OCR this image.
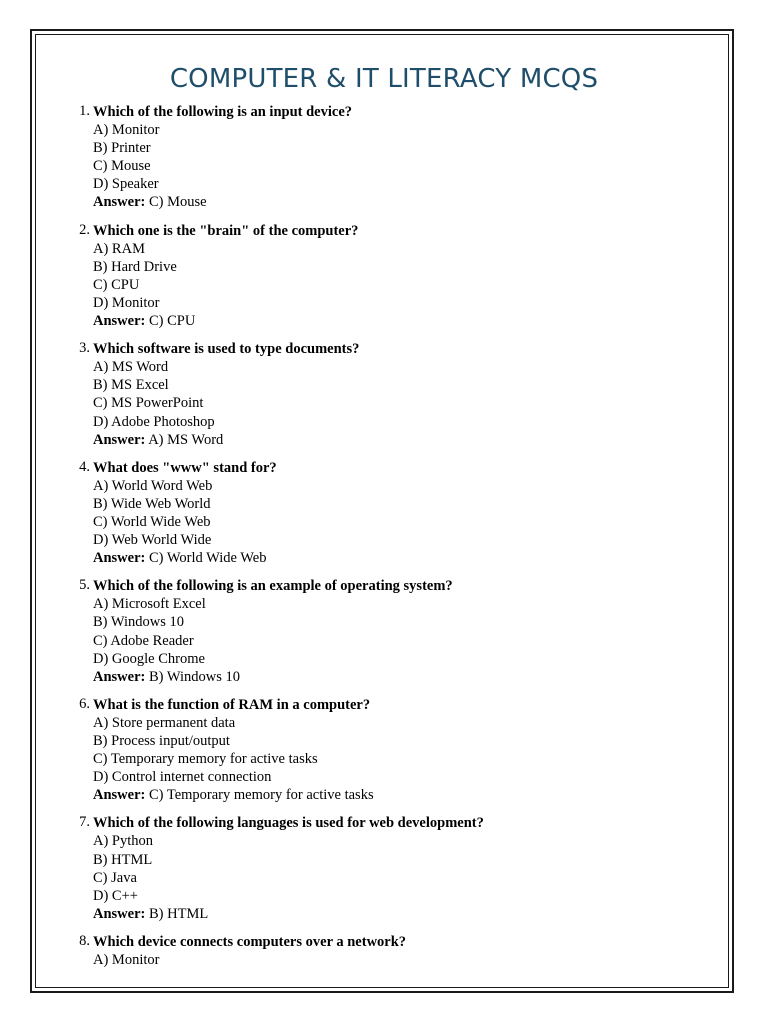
COMPUTER & IT LITERACY MCQS
1. Which of the following is an input device?
A) Monitor
B) Printer
C) Mouse
D) Speaker
Answer: C) Mouse
2. Which one is the "brain" of the computer?
A) RAM
B) Hard Drive
C) CPU
D) Monitor
Answer: C) CPU
3. Which software is used to type documents?
A) MS Word
B) MS Excel
C) MS PowerPoint
D) Adobe Photoshop
Answer: A) MS Word
4. What does "www" stand for?
A) World Word Web
B) Wide Web World
C) World Wide Web
D) Web World Wide
Answer: C) World Wide Web
5. Which of the following is an example of operating system?
A) Microsoft Excel
B) Windows 10
C) Adobe Reader
D) Google Chrome
Answer: B) Windows 10
6. What is the function of RAM in a computer?
A) Store permanent data
B) Process input/output
C) Temporary memory for active tasks
D) Control internet connection
Answer: C) Temporary memory for active tasks
7. Which of the following languages is used for web development?
A) Python
B) HTML
C) Java
D) C++
Answer: B) HTML
8. Which device connects computers over a network?
A) Monitor
